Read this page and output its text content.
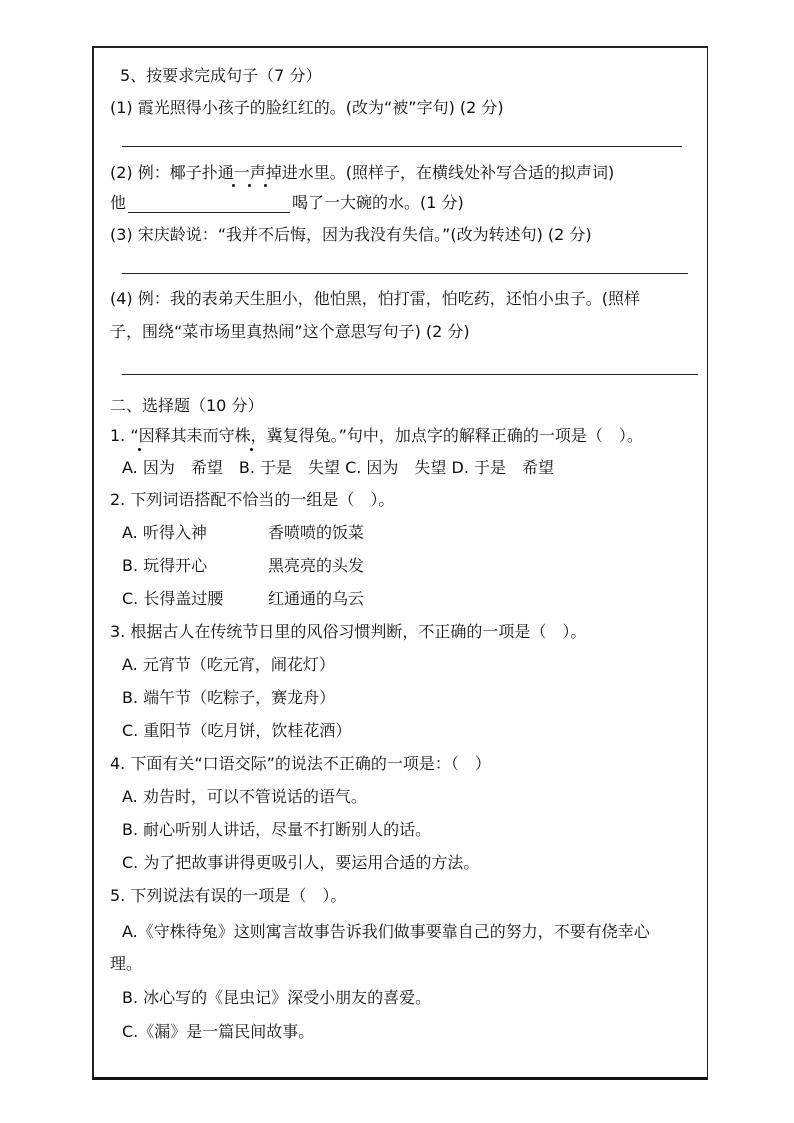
5、按要求完成句子（7 分）
(1) 霞光照得小孩子的脸红红的。(改为“被”字句) (2 分)
(2) 例：椰子扑通一声掉进水里。(照样子，在横线处补写合适的拟声词)
他	喝了一大碗的水。(1 分)
(3) 宋庆龄说：“我并不后悔，因为我没有失信。”(改为转述句) (2 分)
(4) 例：我的表弟天生胆小，他怕黑，怕打雷，怕吃药，还怕小虫子。(照样
子，围绕“菜市场里真热闹”这个意思写句子) (2 分)
二、选择题（10 分）
1. “因释其耒而守株，冀复得兔。”句中，加点字的解释正确的一项是（　）。
A. 因为　希望　B. 于是　失望 C. 因为　失望 D. 于是　希望
2. 下列词语搭配不恰当的一组是（　）。
A. 听得入神	香喷喷的饭菜
B. 玩得开心	黑亮亮的头发
C. 长得盖过腰	红通通的乌云
3. 根据古人在传统节日里的风俗习惯判断，不正确的一项是（　）。
A. 元宵节（吃元宵，闹花灯）
B. 端午节（吃粽子，赛龙舟）
C. 重阳节（吃月饼，饮桂花酒）
4. 下面有关“口语交际”的说法不正确的一项是：（　）
A. 劝告时，可以不管说话的语气。
B. 耐心听别人讲话，尽量不打断别人的话。
C. 为了把故事讲得更吸引人，要运用合适的方法。
5. 下列说法有误的一项是（　）。
A.《守株待兔》这则寓言故事告诉我们做事要靠自己的努力，不要有侥幸心
理。
B. 冰心写的《昆虫记》深受小朋友的喜爱。
C.《漏》是一篇民间故事。
